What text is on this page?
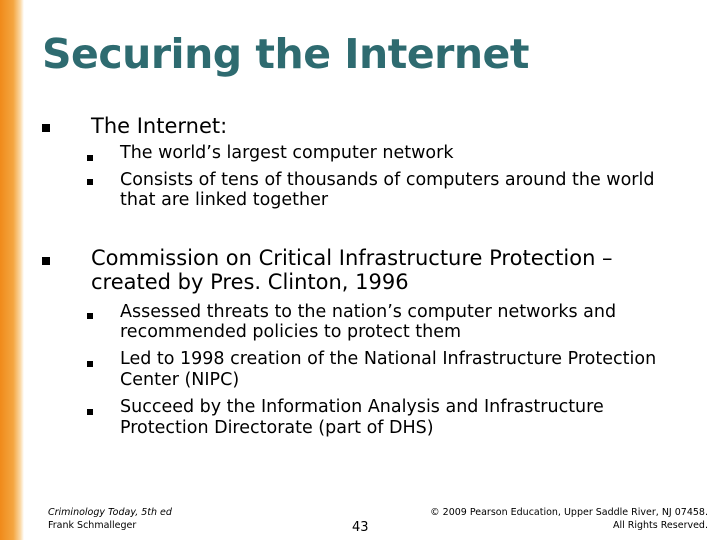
Securing the Internet
The Internet:
The world’s largest computer network
Consists of tens of thousands of computers around the world
that are linked together
Commission on Critical Infrastructure Protection –
created by Pres. Clinton, 1996
Assessed threats to the nation’s computer networks and
recommended policies to protect them
Led to 1998 creation of the National Infrastructure Protection
Center (NIPC)
Succeed by the Information Analysis and Infrastructure
Protection Directorate (part of DHS)
Criminology Today, 5th ed
Frank Schmalleger	43
© 2009 Pearson Education, Upper Saddle River, NJ 07458.
All Rights Reserved.
